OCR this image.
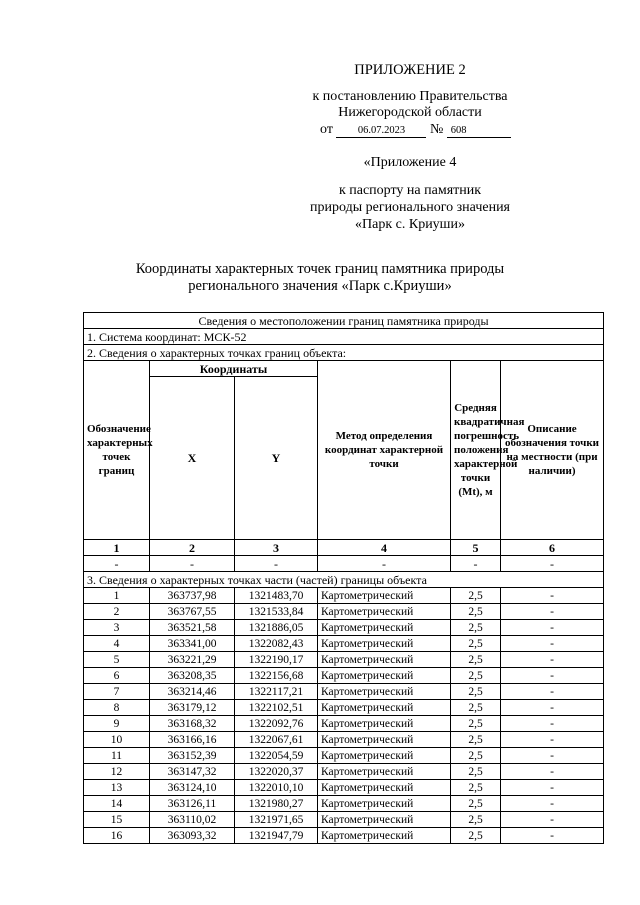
ПРИЛОЖЕНИЕ 2
к постановлению Правительства
Нижегородской области
от 06.07.2023 № 608
«Приложение 4
к паспорту на памятник
природы регионального значения
«Парк с. Криуши»
Координаты характерных точек границ памятника природы
регионального значения «Парк с.Криуши»
Сведения о местоположении границ памятника природы					
1. Система координат: МСК-52					
2. Сведения о характерных точках границ объекта:					
Обозначение характерных точек границ	Координаты		Метод определения координат характерной точки	Средняя квадратичная погрешность положения характерной точки (Mt), м	Описание обозначения точки на местности (при наличии)
	X	Y			
1	2	3	4	5	6
-	-	-	-	-	-
3. Сведения о характерных точках части (частей) границы объекта					
1	363737,98	1321483,70	Картометрический	2,5	-
2	363767,55	1321533,84	Картометрический	2,5	-
3	363521,58	1321886,05	Картометрический	2,5	-
4	363341,00	1322082,43	Картометрический	2,5	-
5	363221,29	1322190,17	Картометрический	2,5	-
6	363208,35	1322156,68	Картометрический	2,5	-
7	363214,46	1322117,21	Картометрический	2,5	-
8	363179,12	1322102,51	Картометрический	2,5	-
9	363168,32	1322092,76	Картометрический	2,5	-
10	363166,16	1322067,61	Картометрический	2,5	-
11	363152,39	1322054,59	Картометрический	2,5	-
12	363147,32	1322020,37	Картометрический	2,5	-
13	363124,10	1322010,10	Картометрический	2,5	-
14	363126,11	1321980,27	Картометрический	2,5	-
15	363110,02	1321971,65	Картометрический	2,5	-
16	363093,32	1321947,79	Картометрический	2,5	-
